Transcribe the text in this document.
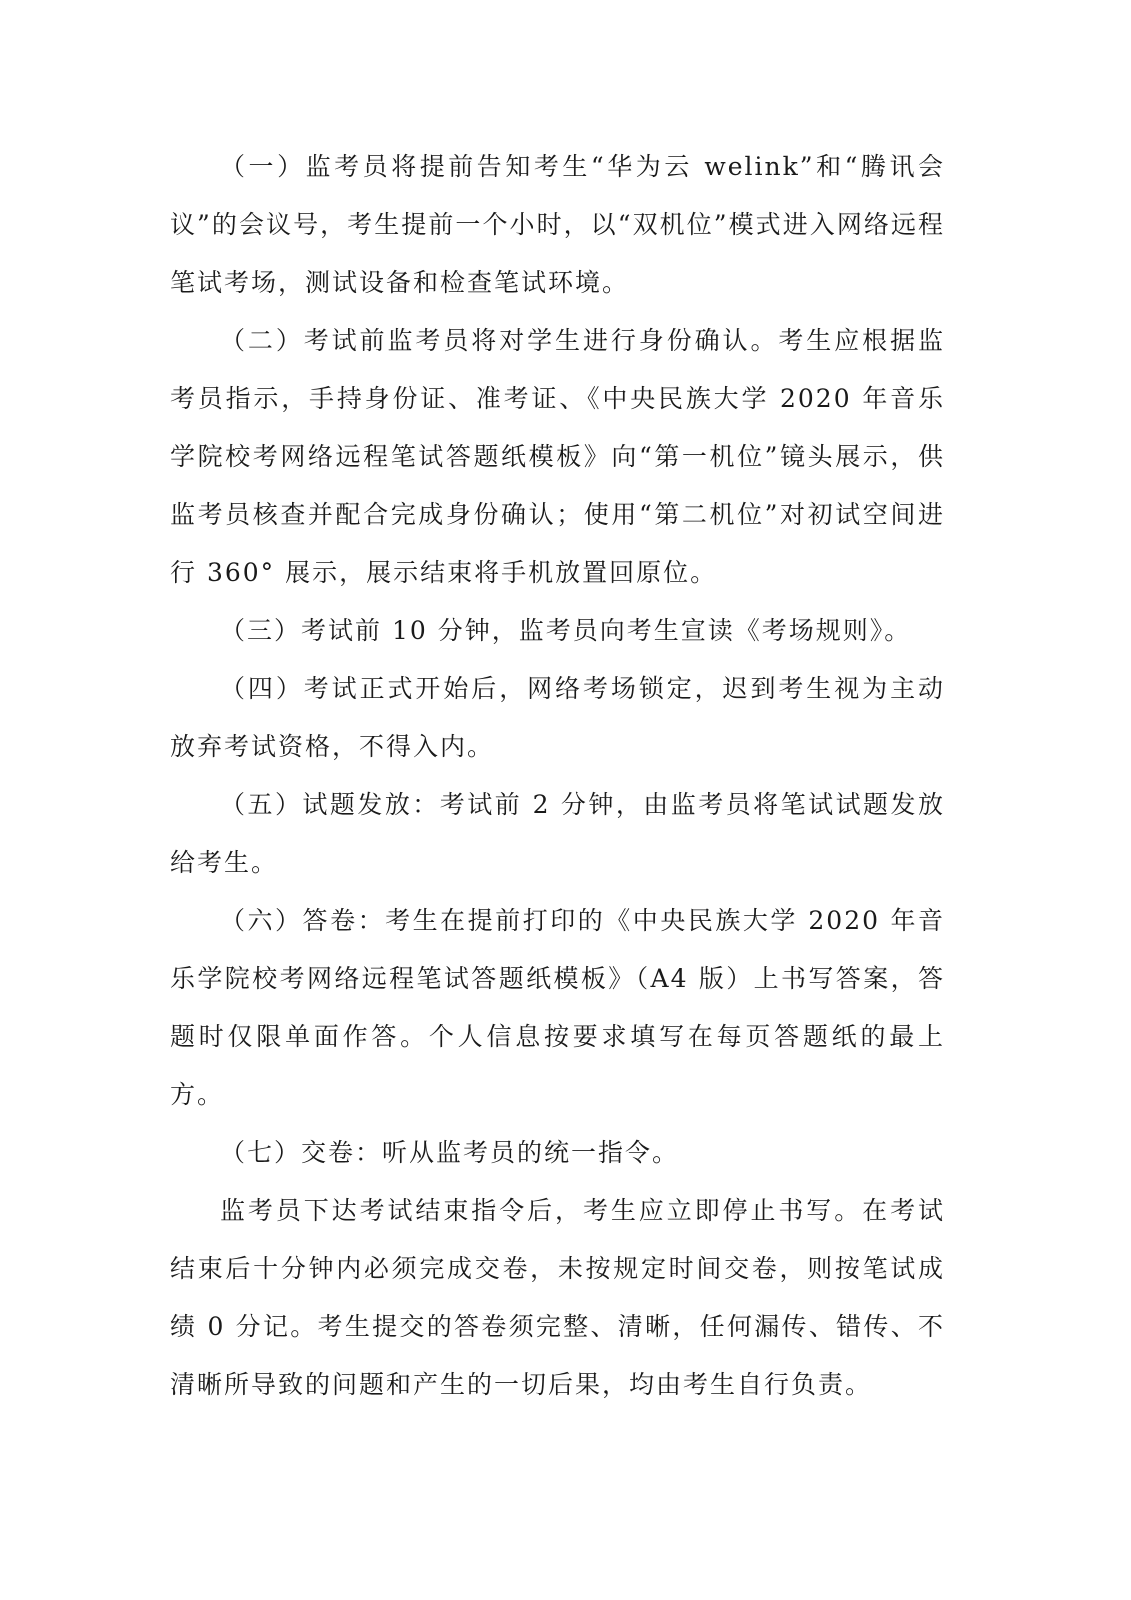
（一）监考员将提前告知考生“华为云 welink”和“腾讯会议”的会议号，考生提前一个小时，以“双机位”模式进入网络远程笔试考场，测试设备和检查笔试环境。

（二）考试前监考员将对学生进行身份确认。考生应根据监考员指示，手持身份证、准考证、《中央民族大学 2020 年音乐学院校考网络远程笔试答题纸模板》向“第一机位”镜头展示，供监考员核查并配合完成身份确认；使用“第二机位”对初试空间进行 360° 展示，展示结束将手机放置回原位。

（三）考试前 10 分钟，监考员向考生宣读《考场规则》。

（四）考试正式开始后，网络考场锁定，迟到考生视为主动放弃考试资格，不得入内。

（五）试题发放：考试前 2 分钟，由监考员将笔试试题发放给考生。

（六）答卷：考生在提前打印的《中央民族大学 2020 年音乐学院校考网络远程笔试答题纸模板》（A4 版）上书写答案，答题时仅限单面作答。个人信息按要求填写在每页答题纸的最上方。

（七）交卷：听从监考员的统一指令。

监考员下达考试结束指令后，考生应立即停止书写。在考试结束后十分钟内必须完成交卷，未按规定时间交卷，则按笔试成绩 0 分记。考生提交的答卷须完整、清晰，任何漏传、错传、不清晰所导致的问题和产生的一切后果，均由考生自行负责。
